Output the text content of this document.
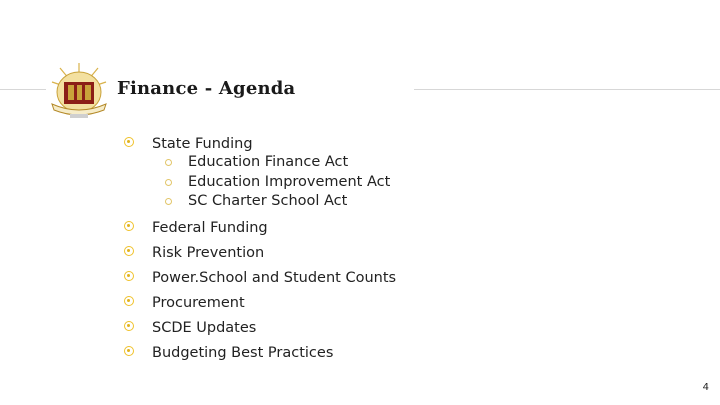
Finance - Agenda
State Funding
Education Finance Act
Education Improvement Act
SC Charter School Act
Federal Funding
Risk Prevention
Power.School and Student Counts
Procurement
SCDE Updates
Budgeting Best Practices
4
